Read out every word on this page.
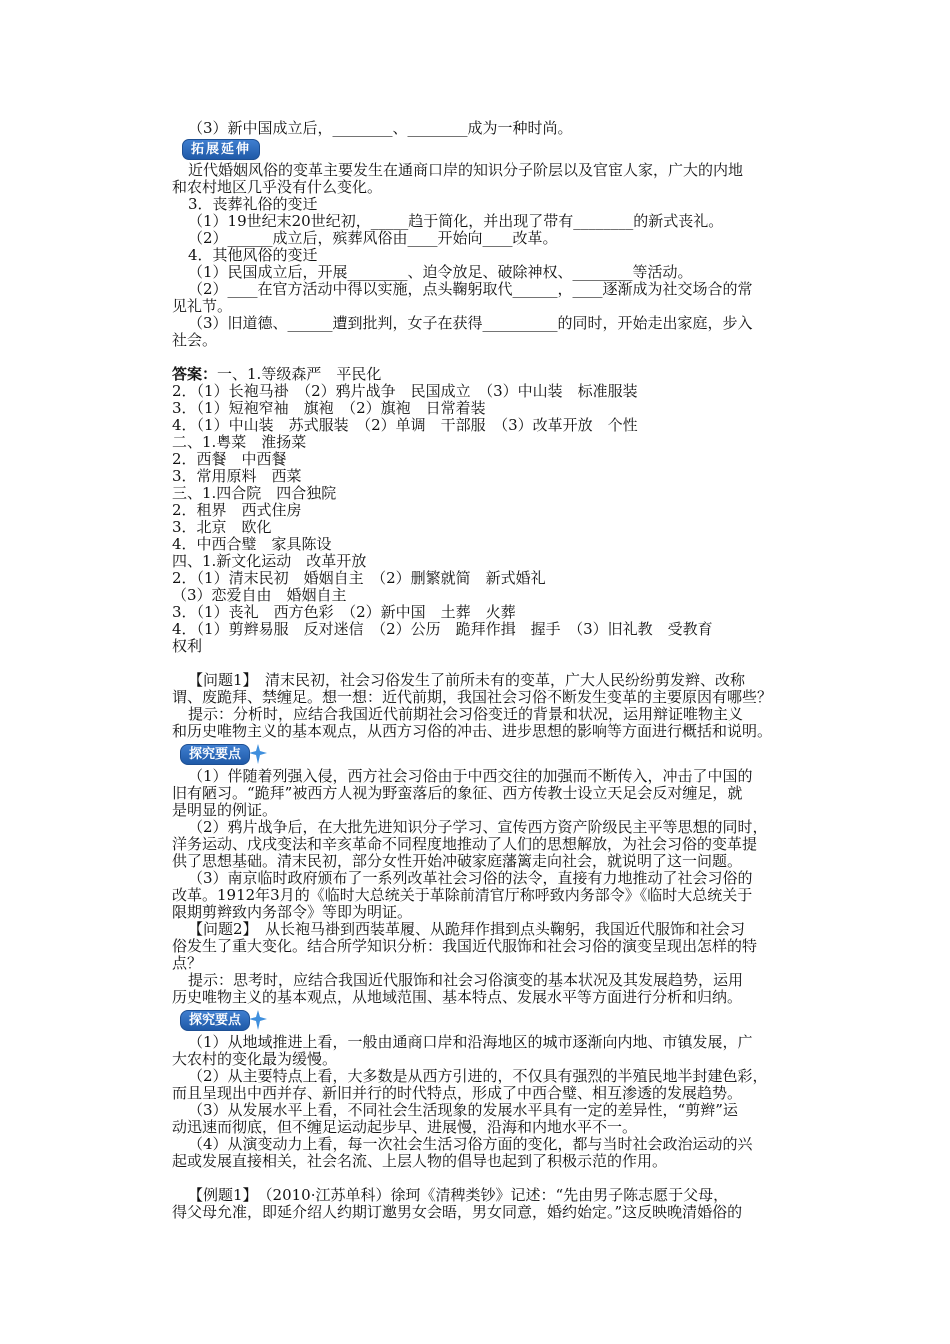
（3）新中国成立后，________、________成为一种时尚。
拓展延伸
近代婚姻风俗的变革主要发生在通商口岸的知识分子阶层以及官宦人家，广大的内地
和农村地区几乎没有什么变化。
3．丧葬礼俗的变迁
（1）19世纪末20世纪初，_____趋于简化，并出现了带有________的新式丧礼。
（2）______成立后，殡葬风俗由____开始向____改革。
4．其他风俗的变迁
（1）民国成立后，开展________、迫令放足、破除神权、________等活动。
（2）____在官方活动中得以实施，点头鞠躬取代______，____逐渐成为社交场合的常
见礼节。
（3）旧道德、______遭到批判，女子在获得__________的同时，开始走出家庭，步入
社会。
答案：一、1.等级森严　平民化
2．（1）长袍马褂　（2）鸦片战争　民国成立　（3）中山装　标准服装
3．（1）短袍窄袖　旗袍　（2）旗袍　日常着装
4．（1）中山装　苏式服装　（2）单调　干部服　（3）改革开放　个性
二、1.粤菜　淮扬菜
2．西餐　中西餐
3．常用原料　西菜
三、1.四合院　四合独院
2．租界　西式住房
3．北京　欧化
4．中西合璧　家具陈设
四、1.新文化运动　改革开放
2．（1）清末民初　婚姻自主　（2）删繁就简　新式婚礼
（3）恋爱自由　婚姻自主
3．（1）丧礼　西方色彩　（2）新中国　土葬　火葬
4．（1）剪辫易服　反对迷信　（2）公历　跪拜作揖　握手　（3）旧礼教　受教育
权利
【问题1】　清末民初，社会习俗发生了前所未有的变革，广大人民纷纷剪发辫、改称
谓、废跪拜、禁缠足。想一想：近代前期，我国社会习俗不断发生变革的主要原因有哪些？
提示：分析时，应结合我国近代前期社会习俗变迁的背景和状况，运用辩证唯物主义
和历史唯物主义的基本观点，从西方习俗的冲击、进步思想的影响等方面进行概括和说明。
探究要点
（1）伴随着列强入侵，西方社会习俗由于中西交往的加强而不断传入，冲击了中国的
旧有陋习。“跪拜”被西方人视为野蛮落后的象征、西方传教士设立天足会反对缠足，就
是明显的例证。
（2）鸦片战争后，在大批先进知识分子学习、宣传西方资产阶级民主平等思想的同时，
洋务运动、戊戌变法和辛亥革命不同程度地推动了人们的思想解放，为社会习俗的变革提
供了思想基础。清末民初，部分女性开始冲破家庭藩篱走向社会，就说明了这一问题。
（3）南京临时政府颁布了一系列改革社会习俗的法令，直接有力地推动了社会习俗的
改革。1912年3月的《临时大总统关于革除前清官厅称呼致内务部令》《临时大总统关于
限期剪辫致内务部令》等即为明证。
【问题2】　从长袍马褂到西装革履、从跪拜作揖到点头鞠躬，我国近代服饰和社会习
俗发生了重大变化。结合所学知识分析：我国近代服饰和社会习俗的演变呈现出怎样的特
点？
提示：思考时，应结合我国近代服饰和社会习俗演变的基本状况及其发展趋势，运用
历史唯物主义的基本观点，从地域范围、基本特点、发展水平等方面进行分析和归纳。
探究要点
（1）从地域推进上看，一般由通商口岸和沿海地区的城市逐渐向内地、市镇发展，广
大农村的变化最为缓慢。
（2）从主要特点上看，大多数是从西方引进的，不仅具有强烈的半殖民地半封建色彩，
而且呈现出中西并存、新旧并行的时代特点，形成了中西合璧、相互渗透的发展趋势。
（3）从发展水平上看，不同社会生活现象的发展水平具有一定的差异性，“剪辫”运
动迅速而彻底，但不缠足运动起步早、进展慢，沿海和内地水平不一。
（4）从演变动力上看，每一次社会生活习俗方面的变化，都与当时社会政治运动的兴
起或发展直接相关，社会名流、上层人物的倡导也起到了积极示范的作用。
【例题1】　（2010·江苏单科）徐珂《清稗类钞》记述：“先由男子陈志愿于父母，
得父母允准，即延介绍人约期订邀男女会晤，男女同意，婚约始定。”这反映晚清婚俗的
